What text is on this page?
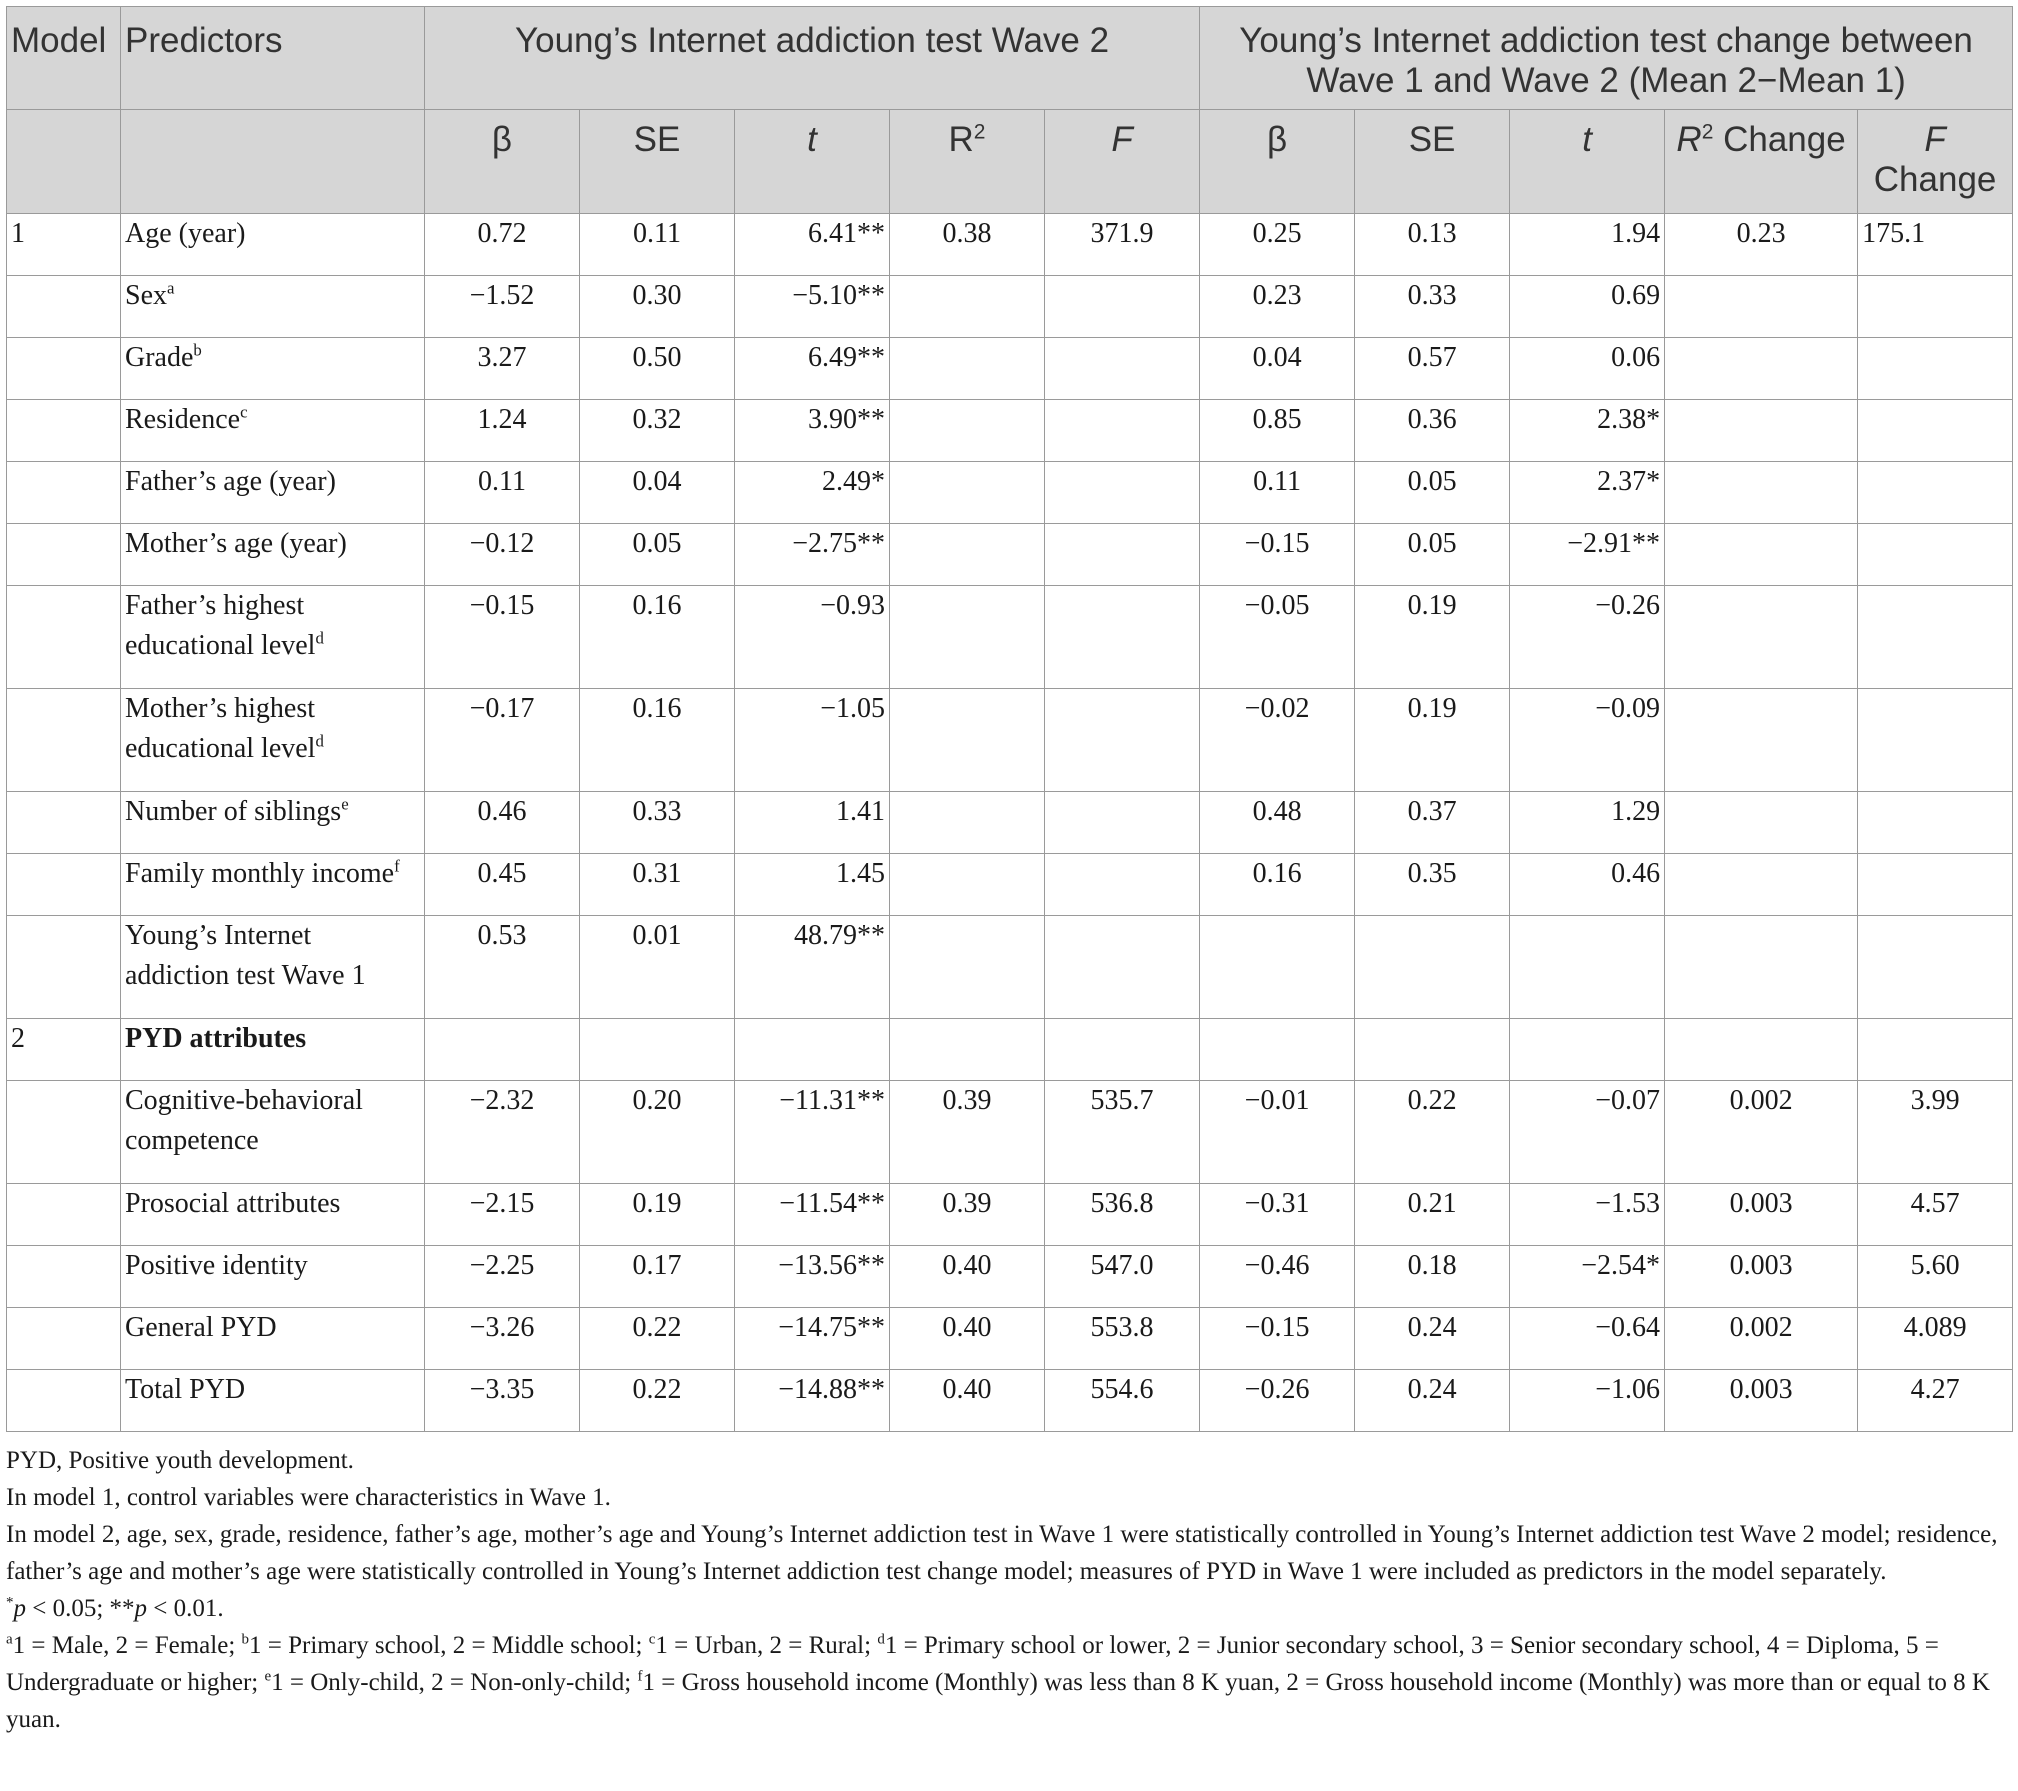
Model	Predictors	Young’s Internet addiction test Wave 2					Young’s Internet addiction test change between Wave 1 and Wave 2 (Mean 2−Mean 1)				
		β	SE	t	$R^2$	F	β	SE	t	$R^2$ Change	F
Change
1	Age (year)	0.72	0.11	6.41**	0.38	371.9	0.25	0.13	1.94	0.23	175.1
	Sex$^a$	−1.52	0.30	−5.10**			0.23	0.33	0.69		
	Grade$^b$	3.27	0.50	6.49**			0.04	0.57	0.06		
	Residence$^c$	1.24	0.32	3.90**			0.85	0.36	2.38*		
	Father’s age (year)	0.11	0.04	2.49*			0.11	0.05	2.37*		
	Mother’s age (year)	−0.12	0.05	−2.75**			−0.15	0.05	−2.91**		
	Father’s highest educational level$^d$	−0.15	0.16	−0.93			−0.05	0.19	−0.26		
	Mother’s highest educational level$^d$	−0.17	0.16	−1.05			−0.02	0.19	−0.09		
	Number of siblings$^e$	0.46	0.33	1.41			0.48	0.37	1.29		
	Family monthly income$^f$	0.45	0.31	1.45			0.16	0.35	0.46		
	Young’s Internet addiction test Wave 1	0.53	0.01	48.79**							
2	PYD attributes										
	Cognitive-behavioral competence	−2.32	0.20	−11.31**	0.39	535.7	−0.01	0.22	−0.07	0.002	3.99
	Prosocial attributes	−2.15	0.19	−11.54**	0.39	536.8	−0.31	0.21	−1.53	0.003	4.57
	Positive identity	−2.25	0.17	−13.56**	0.40	547.0	−0.46	0.18	−2.54*	0.003	5.60
	General PYD	−3.26	0.22	−14.75**	0.40	553.8	−0.15	0.24	−0.64	0.002	4.089
	Total PYD	−3.35	0.22	−14.88**	0.40	554.6	−0.26	0.24	−1.06	0.003	4.27

PYD, Positive youth development.

In model 1, control variables were characteristics in Wave 1.

In model 2, age, sex, grade, residence, father’s age, mother’s age and Young’s Internet addiction test in Wave 1 were statistically controlled in Young’s Internet addiction test Wave 2 model; residence, father’s age and mother’s age were statistically controlled in Young’s Internet addiction test change model; measures of PYD in Wave 1 were included as predictors in the model separately.

*p < 0.05; **p < 0.01.

$^a$1 = Male, 2 = Female; $^b$1 = Primary school, 2 = Middle school; $^c$1 = Urban, 2 = Rural; $^d$1 = Primary school or lower, 2 = Junior secondary school, 3 = Senior secondary school, 4 = Diploma, 5 = Undergraduate or higher; $^e$1 = Only-child, 2 = Non-only-child; $^f$1 = Gross household income (Monthly) was less than 8 K yuan, 2 = Gross household income (Monthly) was more than or equal to 8 K yuan.
